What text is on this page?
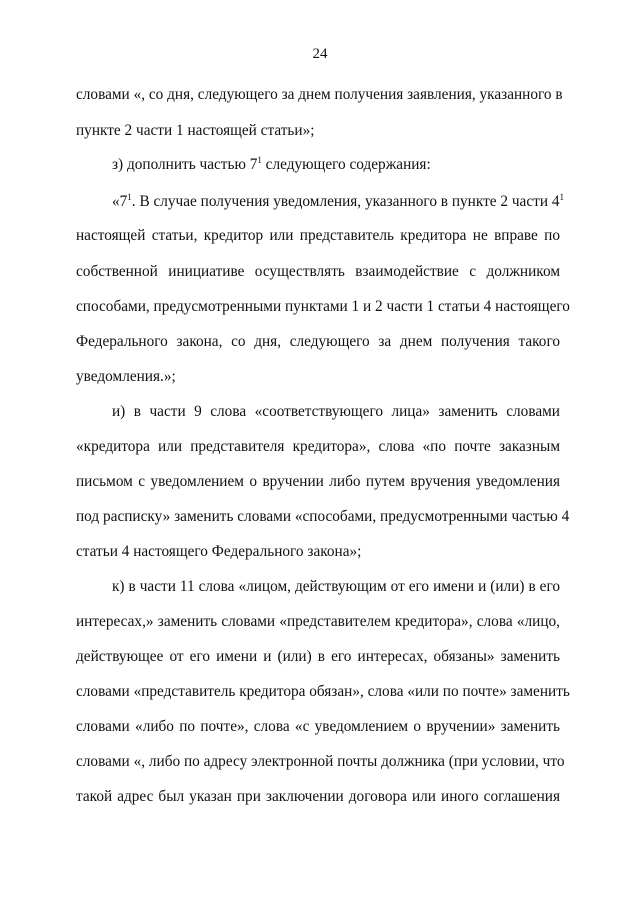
24
словами «, со дня, следующего за днем получения заявления, указанного в
пункте 2 части 1 настоящей статьи»;
з) дополнить частью $7^1$ следующего содержания:
«$7^1$. В случае получения уведомления, указанного в пункте 2 части $4^1$
настоящей статьи, кредитор или представитель кредитора не вправе по
собственной инициативе осуществлять взаимодействие с должником
способами, предусмотренными пунктами 1 и 2 части 1 статьи 4 настоящего
Федерального закона, со дня, следующего за днем получения такого
уведомления.»;
и) в части 9 слова «соответствующего лица» заменить словами
«кредитора или представителя кредитора», слова «по почте заказным
письмом с уведомлением о вручении либо путем вручения уведомления
под расписку» заменить словами «способами, предусмотренными частью 4
статьи 4 настоящего Федерального закона»;
к) в части 11 слова «лицом, действующим от его имени и (или) в его
интересах,» заменить словами «представителем кредитора», слова «лицо,
действующее от его имени и (или) в его интересах, обязаны» заменить
словами «представитель кредитора обязан», слова «или по почте» заменить
словами «либо по почте», слова «с уведомлением о вручении» заменить
словами «, либо по адресу электронной почты должника (при условии, что
такой адрес был указан при заключении договора или иного соглашения
